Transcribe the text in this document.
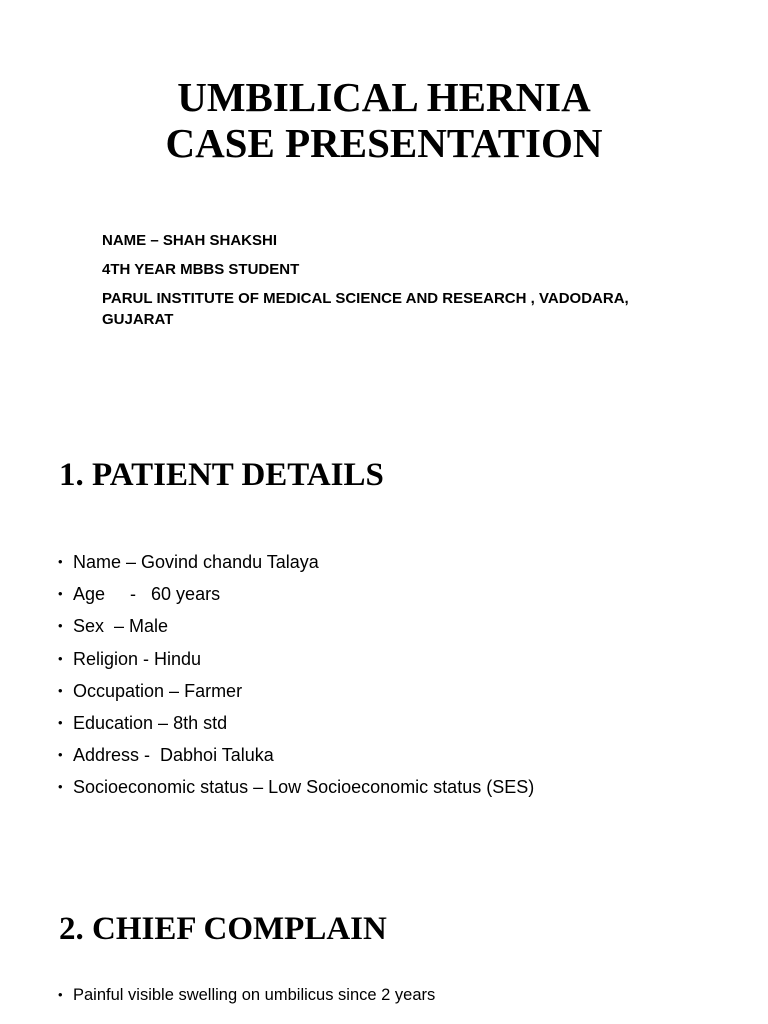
UMBILICAL HERNIA
CASE PRESENTATION

NAME – SHAH SHAKSHI

4TH YEAR MBBS STUDENT

PARUL INSTITUTE OF MEDICAL SCIENCE AND RESEARCH , VADODARA, GUJARAT

1. PATIENT DETAILS
• Name – Govind chandu Talaya
• Age     -   60 years
• Sex  – Male
• Religion - Hindu
• Occupation – Farmer
• Education – 8th std
• Address -  Dabhoi Taluka
• Socioeconomic status – Low Socioeconomic status (SES)
2. CHIEF COMPLAIN
• Painful visible swelling on umbilicus since 2 years
